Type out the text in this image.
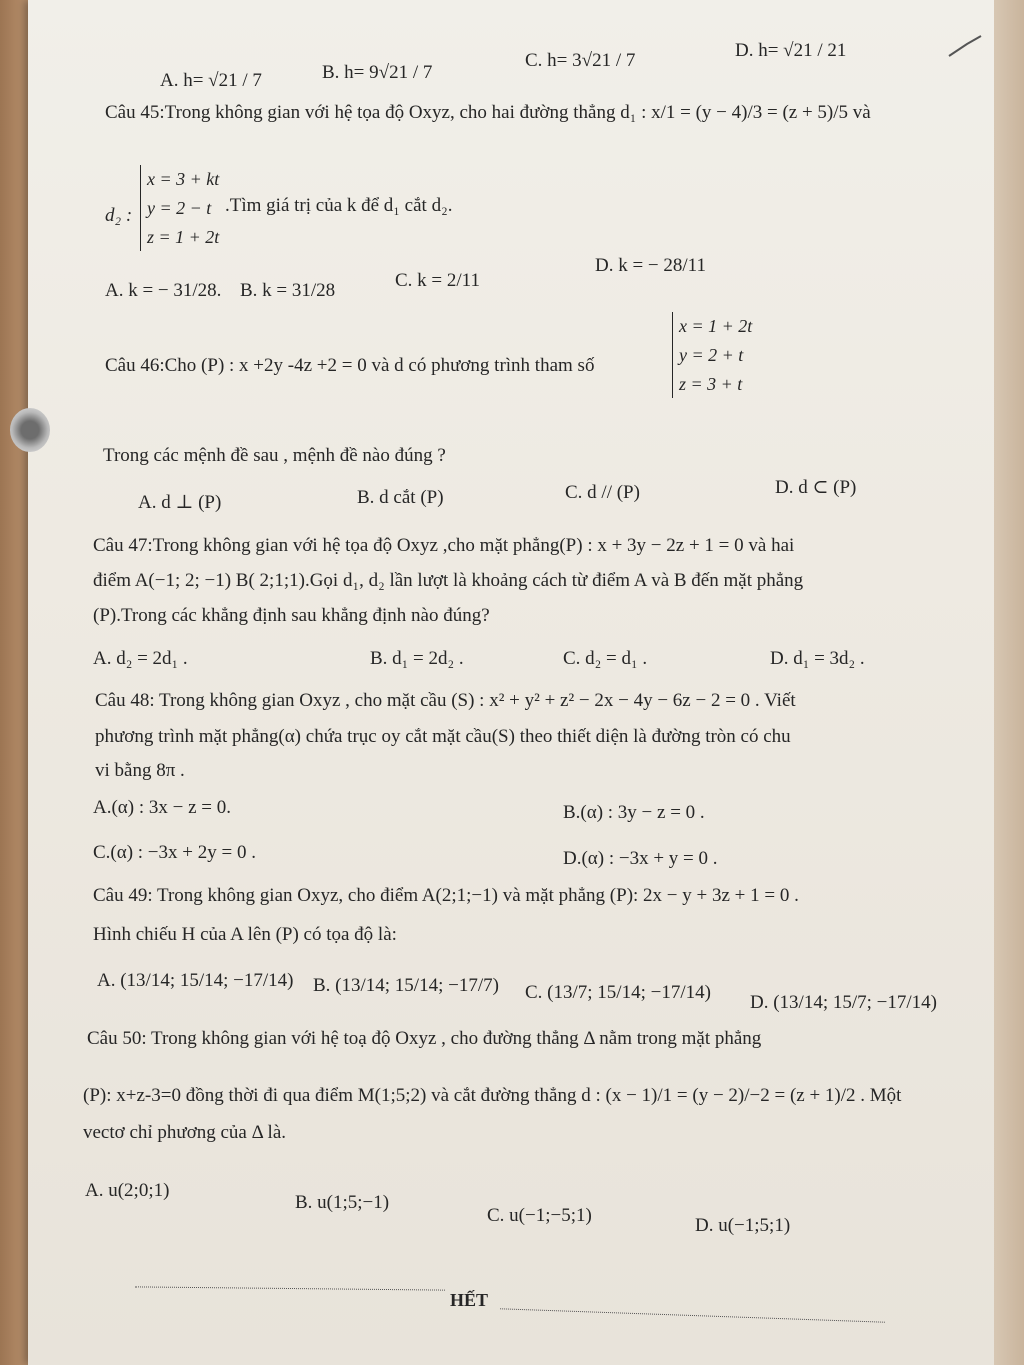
A. h= √21 / 7	B. h= 9√21 / 7
C. h= 3√21 / 7	D. h= √21 / 21
Câu 45:Trong không gian với hệ tọa độ Oxyz, cho hai đường thẳng d₁ : x/1 = (y − 4)/3 = (z + 5)/5 và
d₂ :
x = 3 + kt
y = 2 − t
z = 1 + 2t
.Tìm giá trị của k để d₁ cắt d₂.
A. k = − 31/28. B. k = 31/28	C. k = 2/11
D. k = − 28/11
Câu 46:Cho (P) : x +2y -4z +2 = 0 và d có phương trình tham số
x = 1 + 2t
y = 2 + t
z = 3 + t
Trong các mệnh đề sau , mệnh đề nào đúng ?
A. d ⊥ (P)	B. d cắt (P)	C. d // (P)	D. d ⊂ (P)
Câu 47:Trong không gian với hệ tọa độ Oxyz ,cho mặt phẳng(P) : x + 3y − 2z + 1 = 0 và hai
điểm A(−1; 2; −1) B( 2;1;1).Gọi d₁, d₂ lần lượt là khoảng cách từ điểm A và B đến mặt phẳng
(P).Trong các khẳng định sau khẳng định nào đúng?
A. d₂ = 2d₁ .	B. d₁ = 2d₂ .	C. d₂ = d₁ .	D. d₁ = 3d₂ .
Câu 48: Trong không gian Oxyz , cho mặt cầu (S) : x² + y² + z² − 2x − 4y − 6z − 2 = 0 . Viết
phương trình mặt phẳng(α) chứa trục oy cắt mặt cầu(S) theo thiết diện là đường tròn có chu
vi bằng 8π .
A.(α) : 3x − z = 0.	B.(α) : 3y − z = 0 .
C.(α) : −3x + 2y = 0 .	D.(α) : −3x + y = 0 .
Câu 49: Trong không gian Oxyz, cho điểm A(2;1;−1) và mặt phẳng (P): 2x − y + 3z + 1 = 0 .
Hình chiếu H của A lên (P) có tọa độ là:
A. (13/14; 15/14; −17/14) B. (13/14; 15/14; −17/7) C. (13/7; 15/14; −17/14) D. (13/14; 15/7; −17/14)
Câu 50: Trong không gian với hệ toạ độ Oxyz , cho đường thẳng Δ nằm trong mặt phẳng
(P): x+z-3=0 đồng thời đi qua điểm M(1;5;2) và cắt đường thẳng d : (x − 1)/1 = (y − 2)/−2 = (z + 1)/2 . Một
vectơ chỉ phương của Δ là.
A. u(2;0;1)
B. u(1;5;−1)
C. u(−1;−5;1)	D. u(−1;5;1)
HẾT
